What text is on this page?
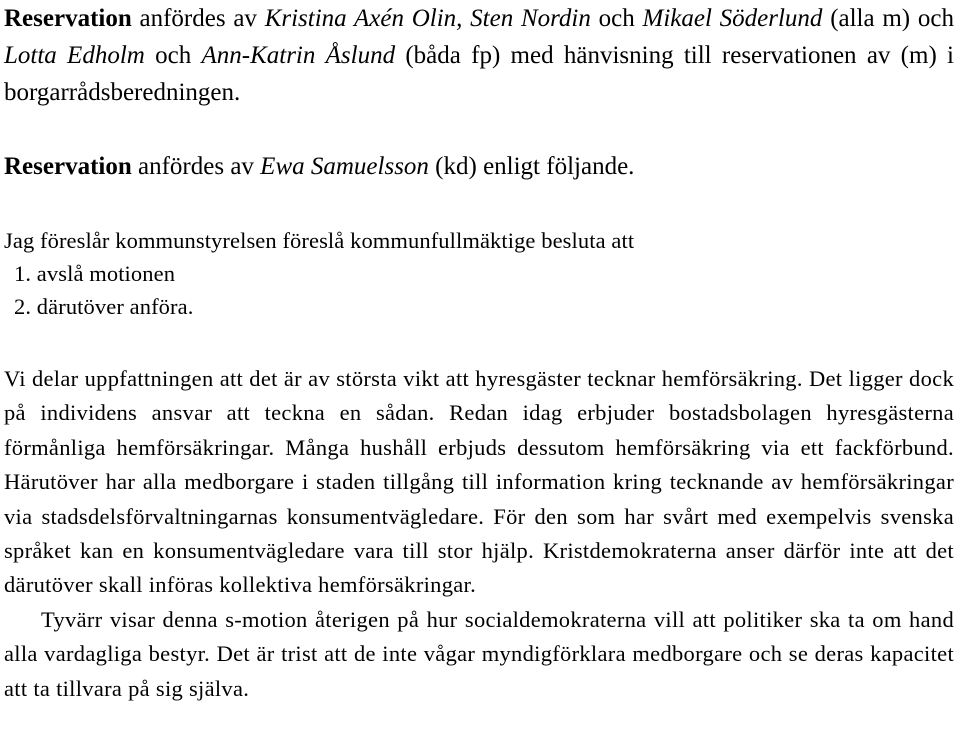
Reservation anfördes av Kristina Axén Olin, Sten Nordin och Mikael Söderlund (alla m) och Lotta Edholm och Ann-Katrin Åslund (båda fp) med hänvisning till reservationen av (m) i borgarrådsberedningen.

Reservation anfördes av Ewa Samuelsson (kd) enligt följande.

Jag föreslår kommunstyrelsen föreslå kommunfullmäktige besluta att
1. avslå motionen
2. därutöver anföra.

Vi delar uppfattningen att det är av största vikt att hyresgäster tecknar hemförsäkring. Det ligger dock på individens ansvar att teckna en sådan. Redan idag erbjuder bostadsbolagen hyresgästerna förmånliga hemförsäkringar. Många hushåll erbjuds dessutom hemförsäkring via ett fackförbund. Härutöver har alla medborgare i staden tillgång till information kring tecknande av hemförsäkringar via stadsdelsförvaltningarnas konsumentvägledare. För den som har svårt med exempelvis svenska språket kan en konsumentvägledare vara till stor hjälp. Kristdemokraterna anser därför inte att det därutöver skall införas kollektiva hemförsäkringar.

Tyvärr visar denna s-motion återigen på hur socialdemokraterna vill att politiker ska ta om hand alla vardagliga bestyr. Det är trist att de inte vågar myndigförklara medborgare och se deras kapacitet att ta tillvara på sig själva.
